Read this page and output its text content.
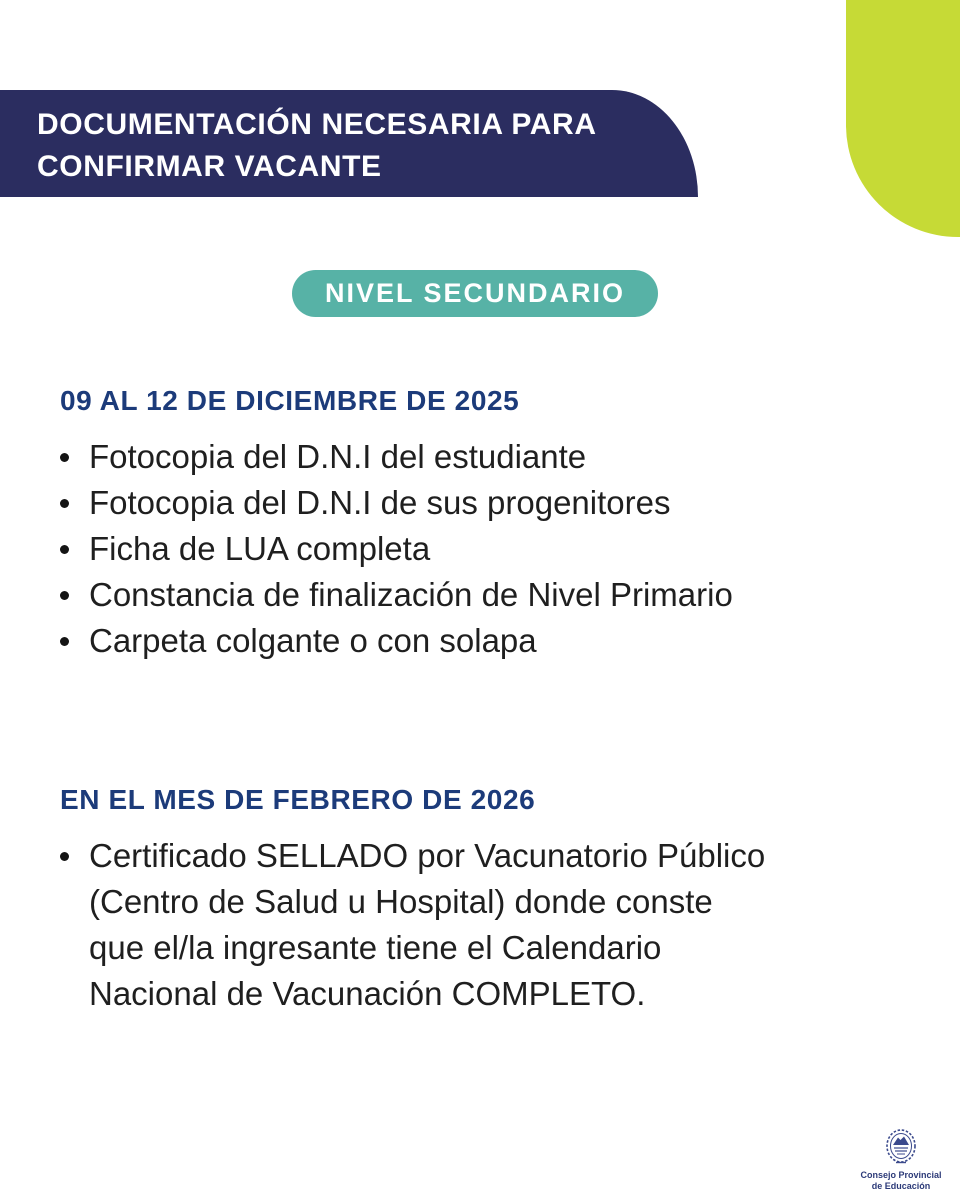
DOCUMENTACIÓN NECESARIA PARA
CONFIRMAR VACANTE
NIVEL SECUNDARIO
09 AL 12 DE DICIEMBRE DE 2025
Fotocopia del D.N.I del estudiante
Fotocopia del D.N.I de sus progenitores
Ficha de LUA completa
Constancia de finalización de Nivel Primario
Carpeta colgante o con solapa
EN EL MES DE FEBRERO DE 2026
Certificado SELLADO por Vacunatorio Público
(Centro de Salud u Hospital) donde conste
que el/la ingresante tiene el Calendario
Nacional de Vacunación COMPLETO.
Consejo Provincial
de Educación
